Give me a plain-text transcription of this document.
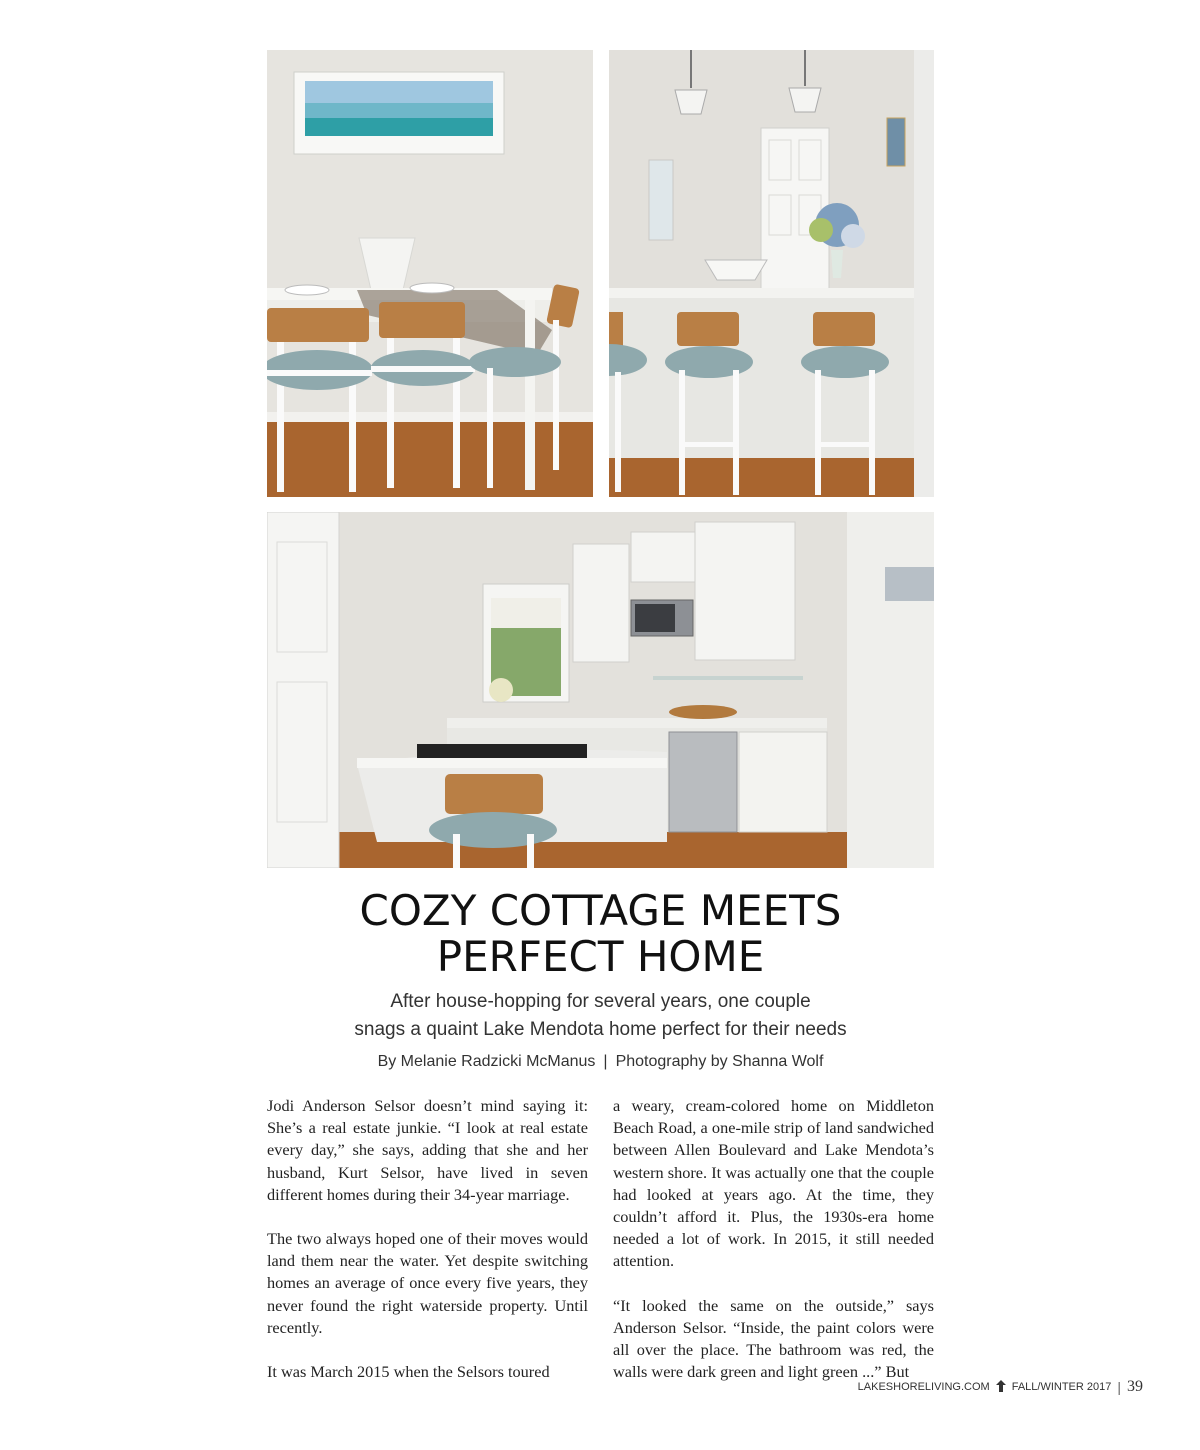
COZY COTTAGE MEETS
PERFECT HOME
After house-hopping for several years, one couple
snags a quaint Lake Mendota home perfect for their needs
By Melanie Radzicki McManus | Photography by Shanna Wolf

Jodi Anderson Selsor doesn’t mind saying it: She’s a real estate junkie. “I look at real estate every day,” she says, adding that she and her husband, Kurt Selsor, have lived in seven different homes during their 34-year marriage.

The two always hoped one of their moves would land them near the water. Yet despite switching homes an average of once every five years, they never found the right waterside property. Until recently.

It was March 2015 when the Selsors toured

a weary, cream-colored home on Middleton Beach Road, a one-mile strip of land sandwiched between Allen Boulevard and Lake Mendota’s western shore. It was actually one that the couple had looked at years ago. At the time, they couldn’t afford it. Plus, the 1930s-era home needed a lot of work. In 2015, it still needed attention.

“It looked the same on the outside,” says Anderson Selsor. “Inside, the paint colors were all over the place. The bathroom was red, the walls were dark green and light green ...” But

LAKESHORELIVING.COM FALL/WINTER 2017 | 39
